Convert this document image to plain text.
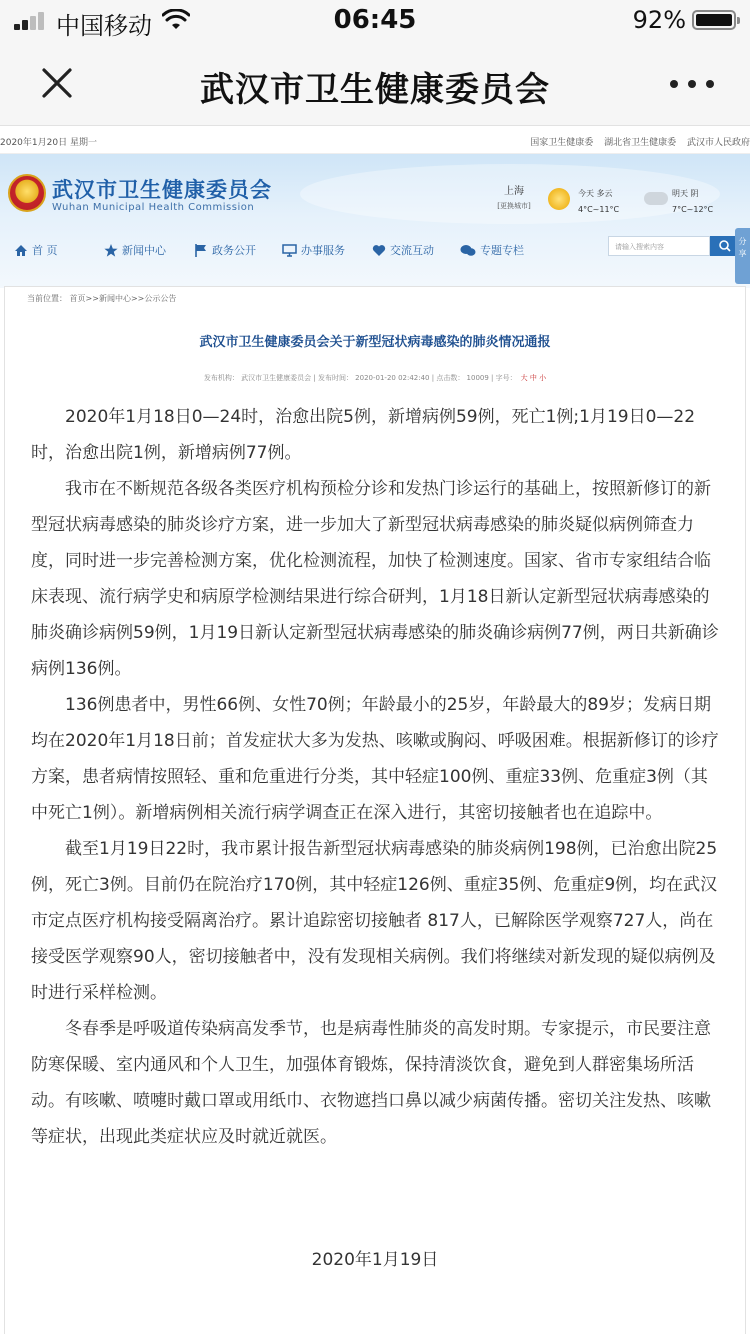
中国移动	06:45	92%
武汉市卫生健康委员会
2020年1月20日 星期一	国家卫生健康委 湖北省卫生健康委 武汉市人民政府
武汉市卫生健康委员会
Wuhan Municipal Health Commission
上海
[更换城市]
今天 多云
4°C~11°C
明天 阴
7°C~12°C
首 页	新闻中心	政务公开	办事服务	交流互动	专题专栏	请输入搜索内容
分享
当前位置： 首页>>新闻中心>>公示公告
武汉市卫生健康委员会关于新型冠状病毒感染的肺炎情况通报
发布机构： 武汉市卫生健康委员会 | 发布时间： 2020-01-20 02:42:40 | 点击数： 10009 | 字号： 大 中 小

2020年1月18日0—24时，治愈出院5例，新增病例59例，死亡1例;1月19日0—22时，治愈出院1例，新增病例77例。

我市在不断规范各级各类医疗机构预检分诊和发热门诊运行的基础上，按照新修订的新型冠状病毒感染的肺炎诊疗方案，进一步加大了新型冠状病毒感染的肺炎疑似病例筛查力度，同时进一步完善检测方案，优化检测流程，加快了检测速度。国家、省市专家组结合临床表现、流行病学史和病原学检测结果进行综合研判，1月18日新认定新型冠状病毒感染的肺炎确诊病例59例，1月19日新认定新型冠状病毒感染的肺炎确诊病例77例，两日共新确诊病例136例。

136例患者中，男性66例、女性70例；年龄最小的25岁，年龄最大的89岁；发病日期均在2020年1月18日前；首发症状大多为发热、咳嗽或胸闷、呼吸困难。根据新修订的诊疗方案，患者病情按照轻、重和危重进行分类，其中轻症100例、重症33例、危重症3例（其中死亡1例）。新增病例相关流行病学调查正在深入进行，其密切接触者也在追踪中。

截至1月19日22时，我市累计报告新型冠状病毒感染的肺炎病例198例，已治愈出院25例，死亡3例。目前仍在院治疗170例，其中轻症126例、重症35例、危重症9例，均在武汉市定点医疗机构接受隔离治疗。累计追踪密切接触者 817人，已解除医学观察727人，尚在接受医学观察90人，密切接触者中，没有发现相关病例。我们将继续对新发现的疑似病例及时进行采样检测。

冬春季是呼吸道传染病高发季节，也是病毒性肺炎的高发时期。专家提示，市民要注意防寒保暖、室内通风和个人卫生，加强体育锻炼，保持清淡饮食，避免到人群密集场所活动。有咳嗽、喷嚏时戴口罩或用纸巾、衣物遮挡口鼻以减少病菌传播。密切关注发热、咳嗽等症状，出现此类症状应及时就近就医。

2020年1月19日
